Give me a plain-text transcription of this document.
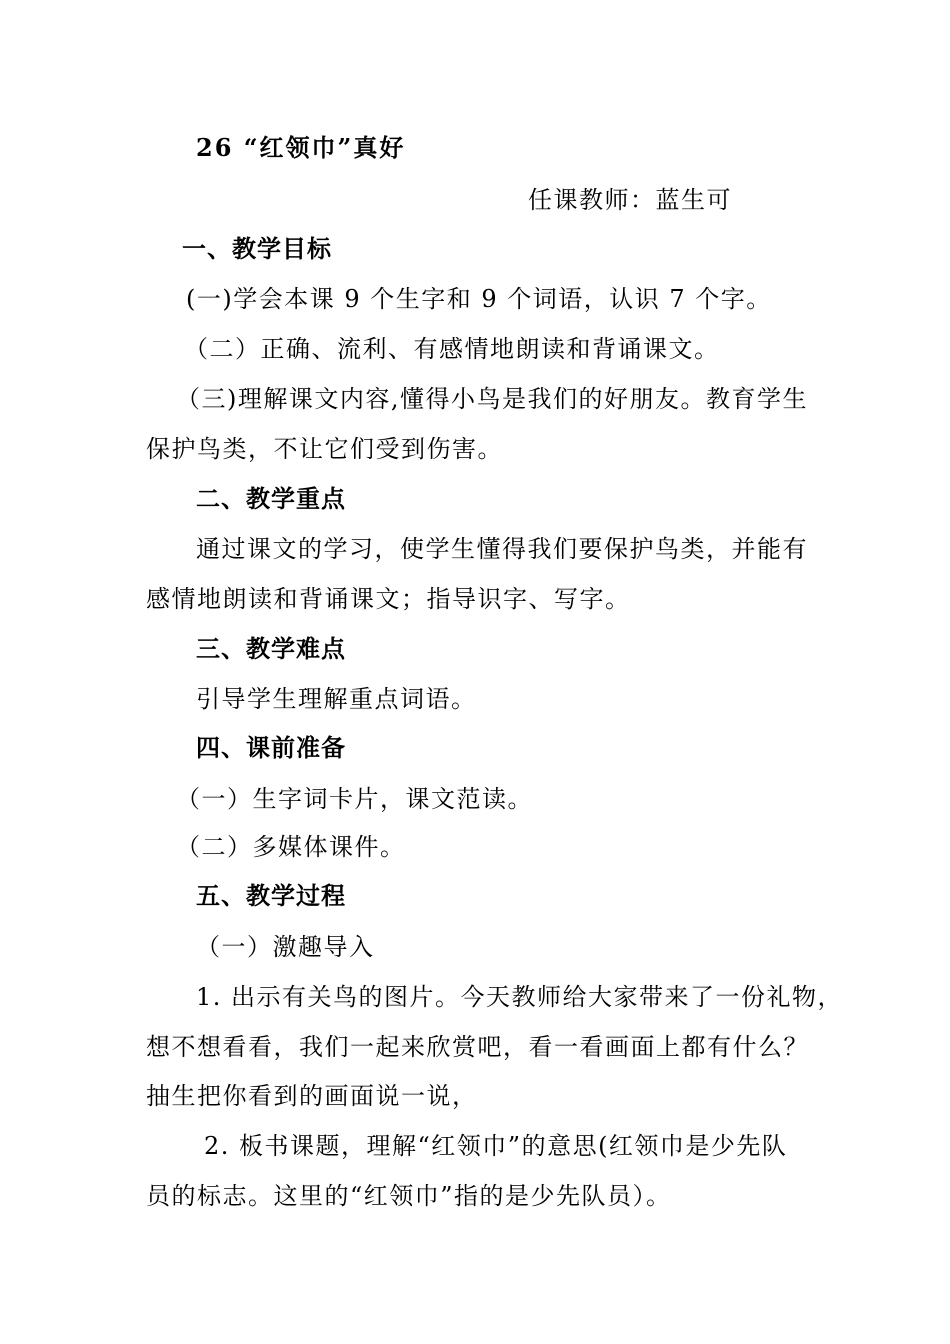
26 “红领巾”真好
任课教师：蓝生可
一、教学目标
(一)学会本课 9 个生字和 9 个词语，认识 7 个字。
（二）正确、流利、有感情地朗读和背诵课文。
（三)理解课文内容,懂得小鸟是我们的好朋友。教育学生
保护鸟类，不让它们受到伤害。
二、教学重点
通过课文的学习，使学生懂得我们要保护鸟类，并能有
感情地朗读和背诵课文；指导识字、写字。
三、教学难点
引导学生理解重点词语。
四、课前准备
（一）生字词卡片，课文范读。
（二）多媒体课件。
五、教学过程
（一）激趣导入
1. 出示有关鸟的图片。今天教师给大家带来了一份礼物，
想不想看看，我们一起来欣赏吧，看一看画面上都有什么？
抽生把你看到的画面说一说，
2. 板书课题，理解“红领巾”的意思(红领巾是少先队
员的标志。这里的“红领巾”指的是少先队员）。
